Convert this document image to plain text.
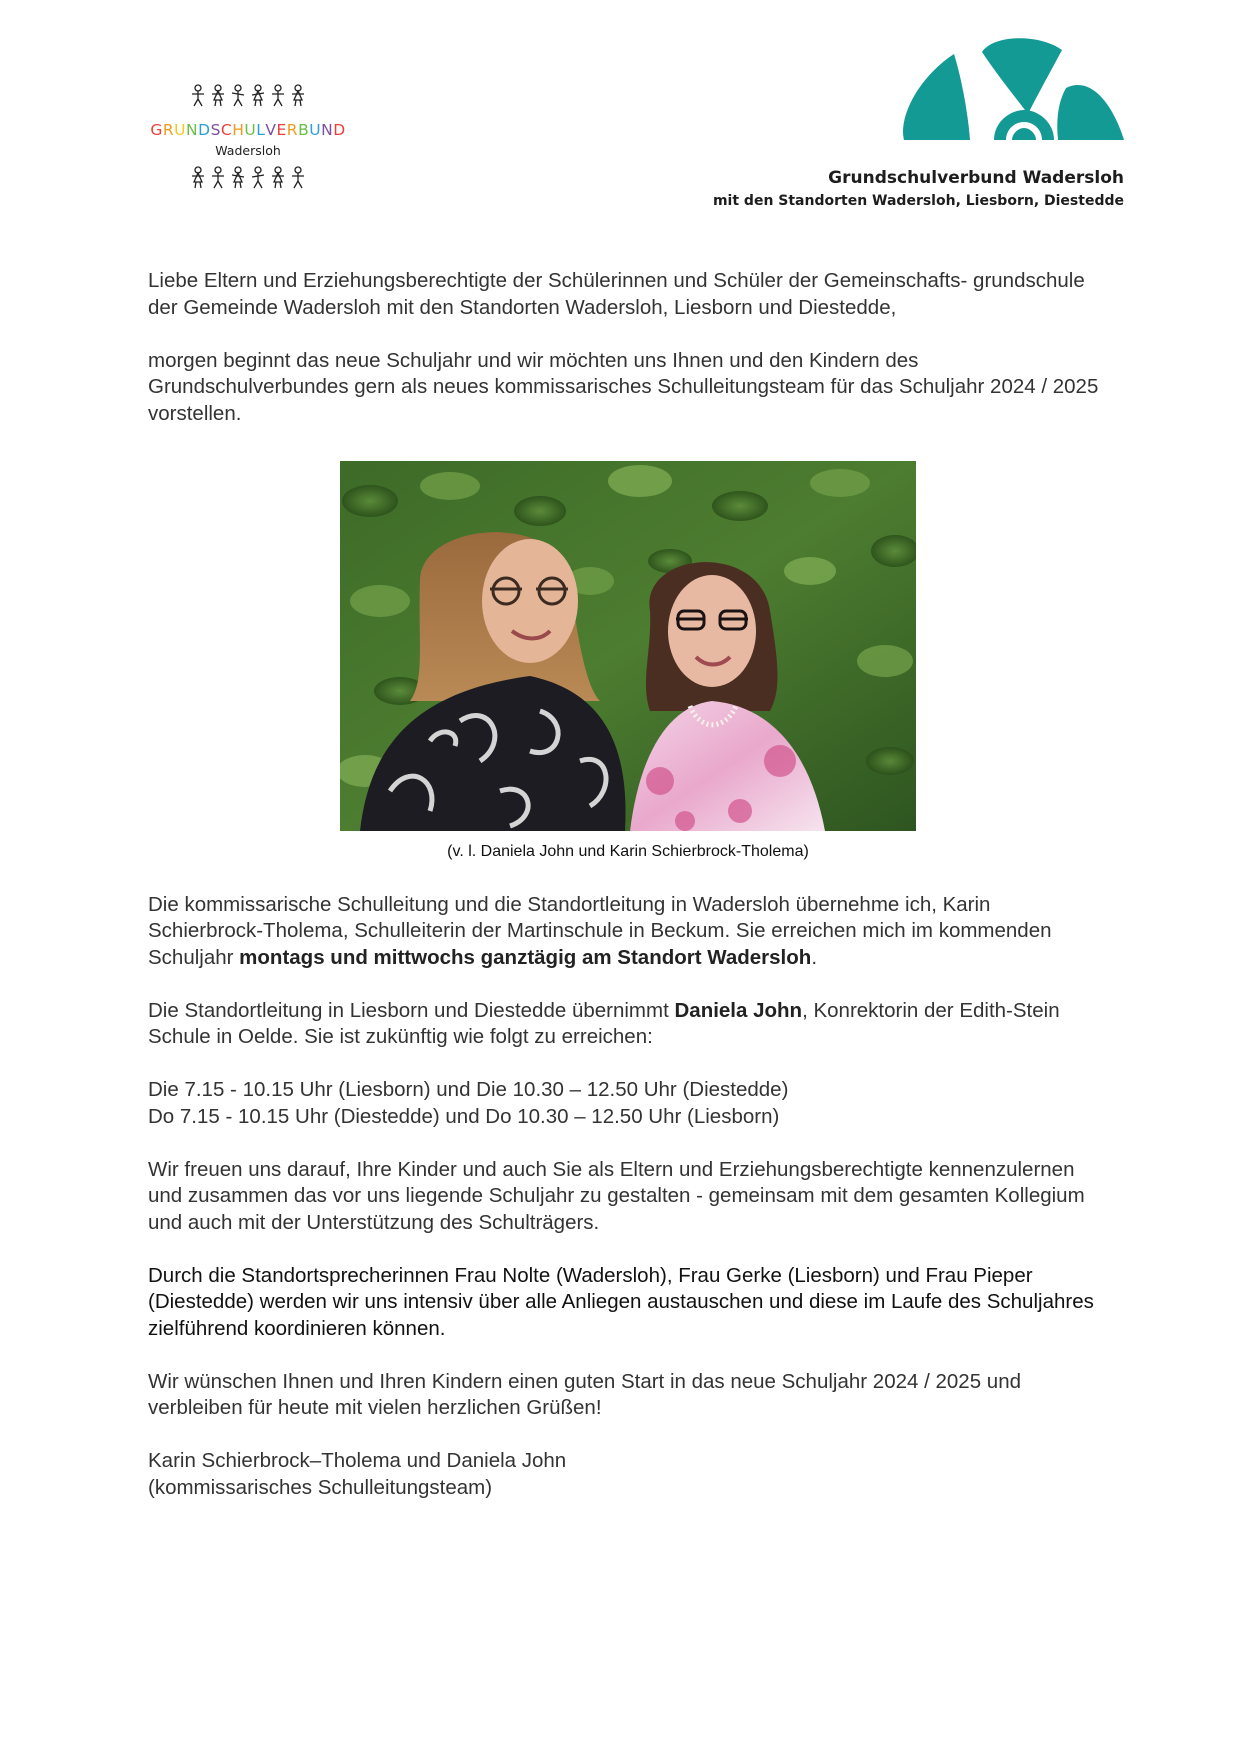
GRUNDSCHULVERBUND
Wadersloh
Grundschulverbund Wadersloh
mit den Standorten Wadersloh, Liesborn, Diestedde

Liebe Eltern und Erziehungsberechtigte der Schülerinnen und Schüler der Gemeinschafts- grundschule der Gemeinde Wadersloh mit den Standorten Wadersloh, Liesborn und Diestedde,

morgen beginnt das neue Schuljahr und wir möchten uns Ihnen und den Kindern des Grundschulverbundes gern als neues kommissarisches Schulleitungsteam für das Schuljahr 2024 / 2025 vorstellen.

(v. l. Daniela John und Karin Schierbrock-Tholema)

Die kommissarische Schulleitung und die Standortleitung in Wadersloh übernehme ich, Karin Schierbrock-Tholema, Schulleiterin der Martinschule in Beckum. Sie erreichen mich im kommenden Schuljahr montags und mittwochs ganztägig am Standort Wadersloh.

Die Standortleitung in Liesborn und Diestedde übernimmt Daniela John, Konrektorin der Edith-Stein Schule in Oelde. Sie ist zukünftig wie folgt zu erreichen:

Die 7.15 - 10.15 Uhr (Liesborn) und Die 10.30 – 12.50 Uhr (Diestedde)
Do 7.15 - 10.15 Uhr (Diestedde) und Do 10.30 – 12.50 Uhr (Liesborn)

Wir freuen uns darauf, Ihre Kinder und auch Sie als Eltern und Erziehungsberechtigte kennenzulernen und zusammen das vor uns liegende Schuljahr zu gestalten - gemeinsam mit dem gesamten Kollegium und auch mit der Unterstützung des Schulträgers.

Durch die Standortsprecherinnen Frau Nolte (Wadersloh), Frau Gerke (Liesborn) und Frau Pieper (Diestedde) werden wir uns intensiv über alle Anliegen austauschen und diese im Laufe des Schuljahres zielführend koordinieren können.

Wir wünschen Ihnen und Ihren Kindern einen guten Start in das neue Schuljahr 2024 / 2025 und verbleiben für heute mit vielen herzlichen Grüßen!

Karin Schierbrock–Tholema und Daniela John
(kommissarisches Schulleitungsteam)
